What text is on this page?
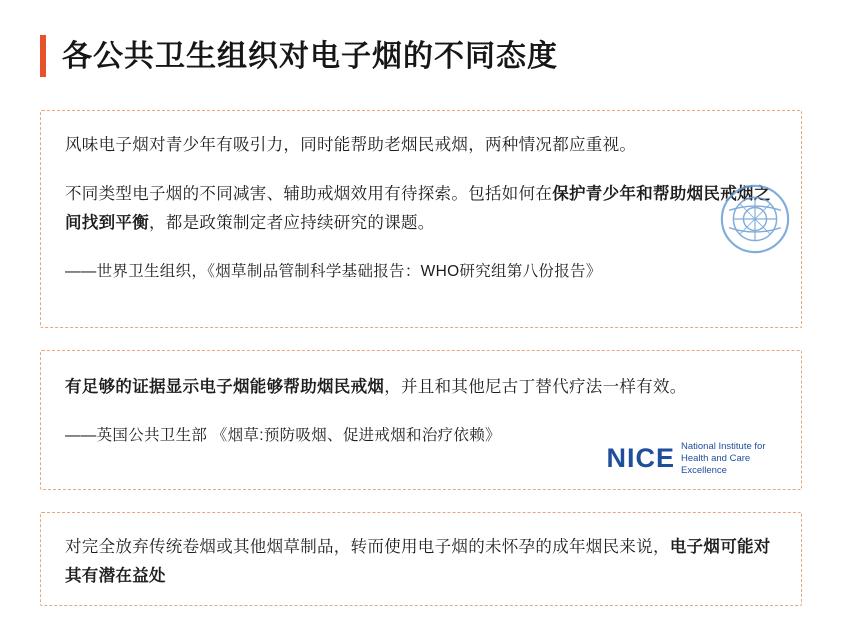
各公共卫生组织对电子烟的不同态度

风味电子烟对青少年有吸引力，同时能帮助老烟民戒烟，两种情况都应重视。

不同类型电子烟的不同减害、辅助戒烟效用有待探索。包括如何在保护青少年和帮助烟民戒烟之间找到平衡，都是政策制定者应持续研究的课题。

——世界卫生组织，《烟草制品管制科学基础报告：WHO研究组第八份报告》

有足够的证据显示电子烟能够帮助烟民戒烟，并且和其他尼古丁替代疗法一样有效。

——英国公共卫生部 《烟草:预防吸烟、促进戒烟和治疗依赖》

NICE National Institute for Health and Care Excellence

对完全放弃传统卷烟或其他烟草制品，转而使用电子烟的未怀孕的成年烟民来说，电子烟可能对其有潜在益处
